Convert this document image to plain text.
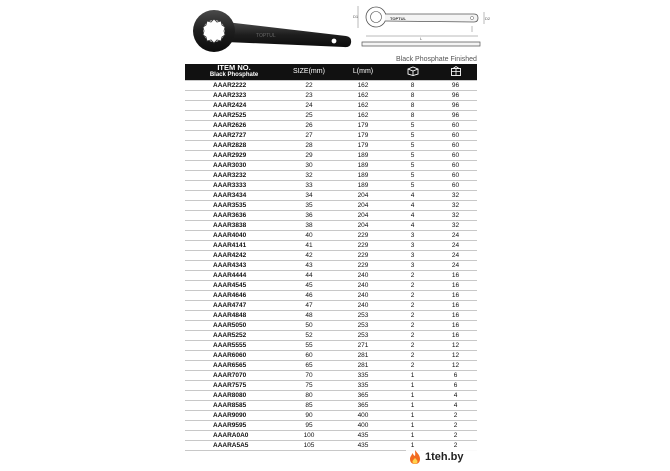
TOPTUL
TOPTUL
D1	D2
L
Black Phosphate Finished
ITEM NO.
Black Phosphate	SIZE(mm)	L(mm)		
AAAR2222	22	162	8	96
AAAR2323	23	162	8	96
AAAR2424	24	162	8	96
AAAR2525	25	162	8	96
AAAR2626	26	179	5	60
AAAR2727	27	179	5	60
AAAR2828	28	179	5	60
AAAR2929	29	189	5	60
AAAR3030	30	189	5	60
AAAR3232	32	189	5	60
AAAR3333	33	189	5	60
AAAR3434	34	204	4	32
AAAR3535	35	204	4	32
AAAR3636	36	204	4	32
AAAR3838	38	204	4	32
AAAR4040	40	229	3	24
AAAR4141	41	229	3	24
AAAR4242	42	229	3	24
AAAR4343	43	229	3	24
AAAR4444	44	240	2	16
AAAR4545	45	240	2	16
AAAR4646	46	240	2	16
AAAR4747	47	240	2	16
AAAR4848	48	253	2	16
AAAR5050	50	253	2	16
AAAR5252	52	253	2	16
AAAR5555	55	271	2	12
AAAR6060	60	281	2	12
AAAR6565	65	281	2	12
AAAR7070	70	335	1	6
AAAR7575	75	335	1	6
AAAR8080	80	365	1	4
AAAR8585	85	365	1	4
AAAR9090	90	400	1	2
AAAR9595	95	400	1	2
AAARA0A0	100	435	1	2
AAARA5A5	105	435	1	2
1teh.by
